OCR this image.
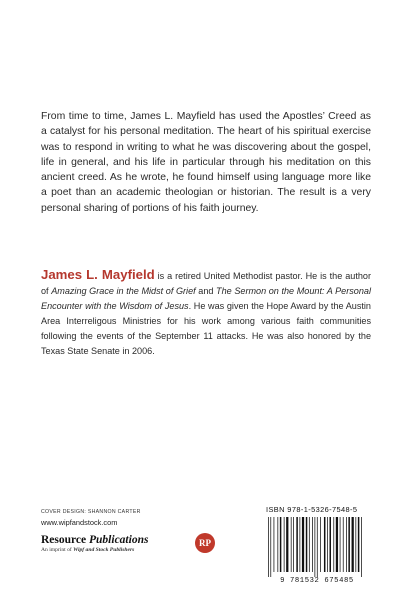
From time to time, James L. Mayfield has used the Apostles’ Creed as a catalyst for his personal meditation. The heart of his spiritual exercise was to respond in writing to what he was discovering about the gospel, life in general, and his life in particular through his meditation on this ancient creed. As he wrote, he found himself using language more like a poet than an academic theologian or historian. The result is a very personal sharing of portions of his faith journey.
James L. Mayfield is a retired United Methodist pastor. He is the author of Amazing Grace in the Midst of Grief and The Sermon on the Mount: A Personal Encounter with the Wisdom of Jesus. He was given the Hope Award by the Austin Area Interreligous Ministries for his work among various faith communities following the events of the September 11 attacks. He was also honored by the Texas State Senate in 2006.
COVER DESIGN: SHANNON CARTER
www.wipfandstock.com
Resource Publications
An imprint of Wipf and Stock Publishers
RP
ISBN 978-1-5326-7548-5
9 781532 675485
